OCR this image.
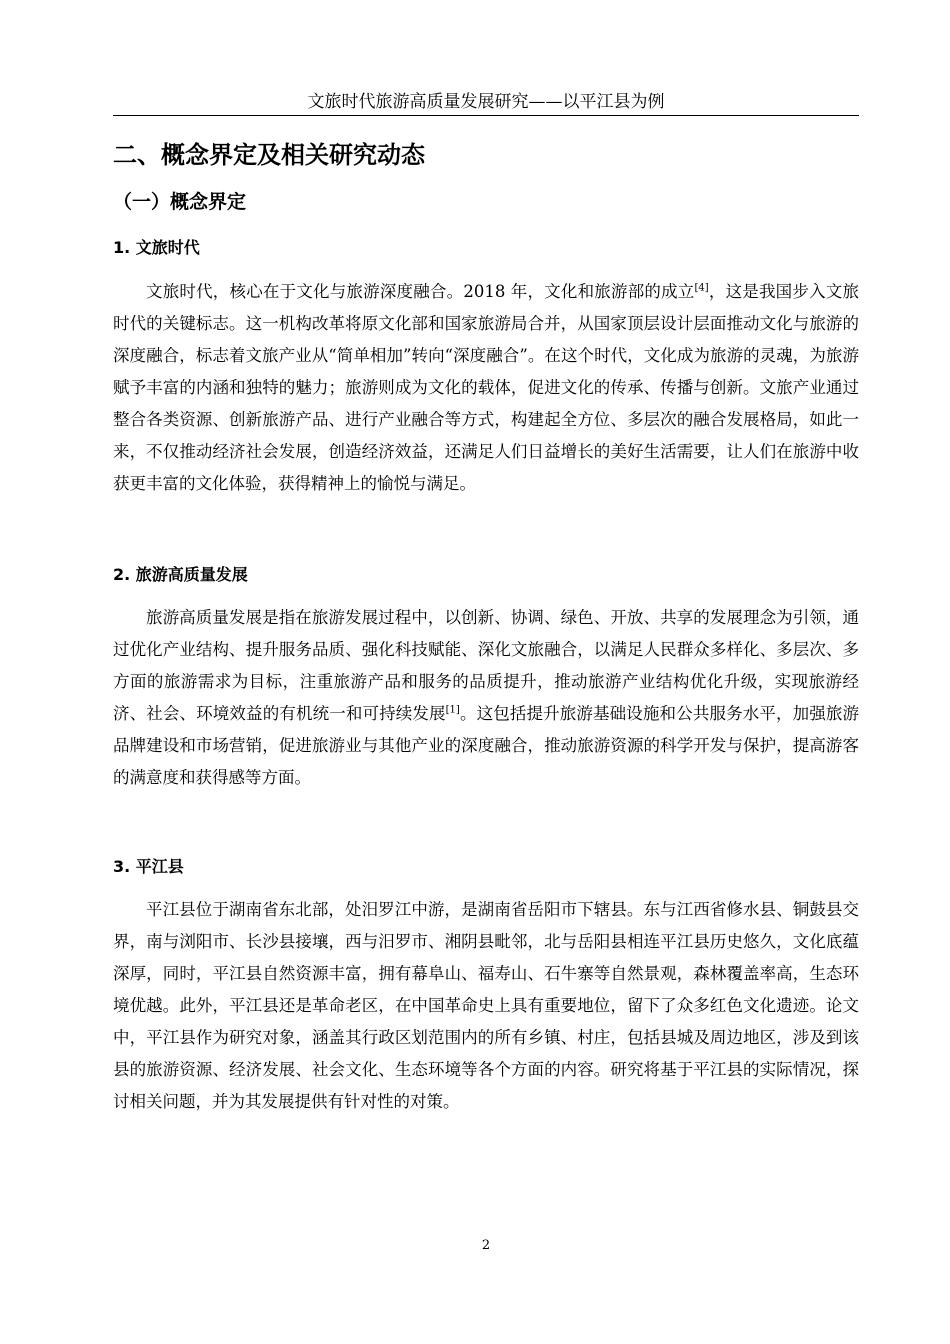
文旅时代旅游高质量发展研究——以平江县为例
二、概念界定及相关研究动态
（一）概念界定
1. 文旅时代

文旅时代，核心在于文化与旅游深度融合。2018 年，文化和旅游部的成立[4]，这是我国步入文旅时代的关键标志。这一机构改革将原文化部和国家旅游局合并，从国家顶层设计层面推动文化与旅游的深度融合，标志着文旅产业从“简单相加”转向“深度融合”。在这个时代，文化成为旅游的灵魂，为旅游赋予丰富的内涵和独特的魅力；旅游则成为文化的载体，促进文化的传承、传播与创新。文旅产业通过整合各类资源、创新旅游产品、进行产业融合等方式，构建起全方位、多层次的融合发展格局，如此一来，不仅推动经济社会发展，创造经济效益，还满足人们日益增长的美好生活需要，让人们在旅游中收获更丰富的文化体验，获得精神上的愉悦与满足。

2. 旅游高质量发展

旅游高质量发展是指在旅游发展过程中，以创新、协调、绿色、开放、共享的发展理念为引领，通过优化产业结构、提升服务品质、强化科技赋能、深化文旅融合，以满足人民群众多样化、多层次、多方面的旅游需求为目标，注重旅游产品和服务的品质提升，推动旅游产业结构优化升级，实现旅游经济、社会、环境效益的有机统一和可持续发展[1]。这包括提升旅游基础设施和公共服务水平，加强旅游品牌建设和市场营销，促进旅游业与其他产业的深度融合，推动旅游资源的科学开发与保护，提高游客的满意度和获得感等方面。

3. 平江县

平江县位于湖南省东北部，处汨罗江中游，是湖南省岳阳市下辖县。东与江西省修水县、铜鼓县交界，南与浏阳市、长沙县接壤，西与汨罗市、湘阴县毗邻，北与岳阳县相连平江县历史悠久，文化底蕴深厚，同时，平江县自然资源丰富，拥有幕阜山、福寿山、石牛寨等自然景观，森林覆盖率高，生态环境优越。此外，平江县还是革命老区，在中国革命史上具有重要地位，留下了众多红色文化遗迹。论文中，平江县作为研究对象，涵盖其行政区划范围内的所有乡镇、村庄，包括县城及周边地区，涉及到该县的旅游资源、经济发展、社会文化、生态环境等各个方面的内容。研究将基于平江县的实际情况，探讨相关问题，并为其发展提供有针对性的对策。

2
